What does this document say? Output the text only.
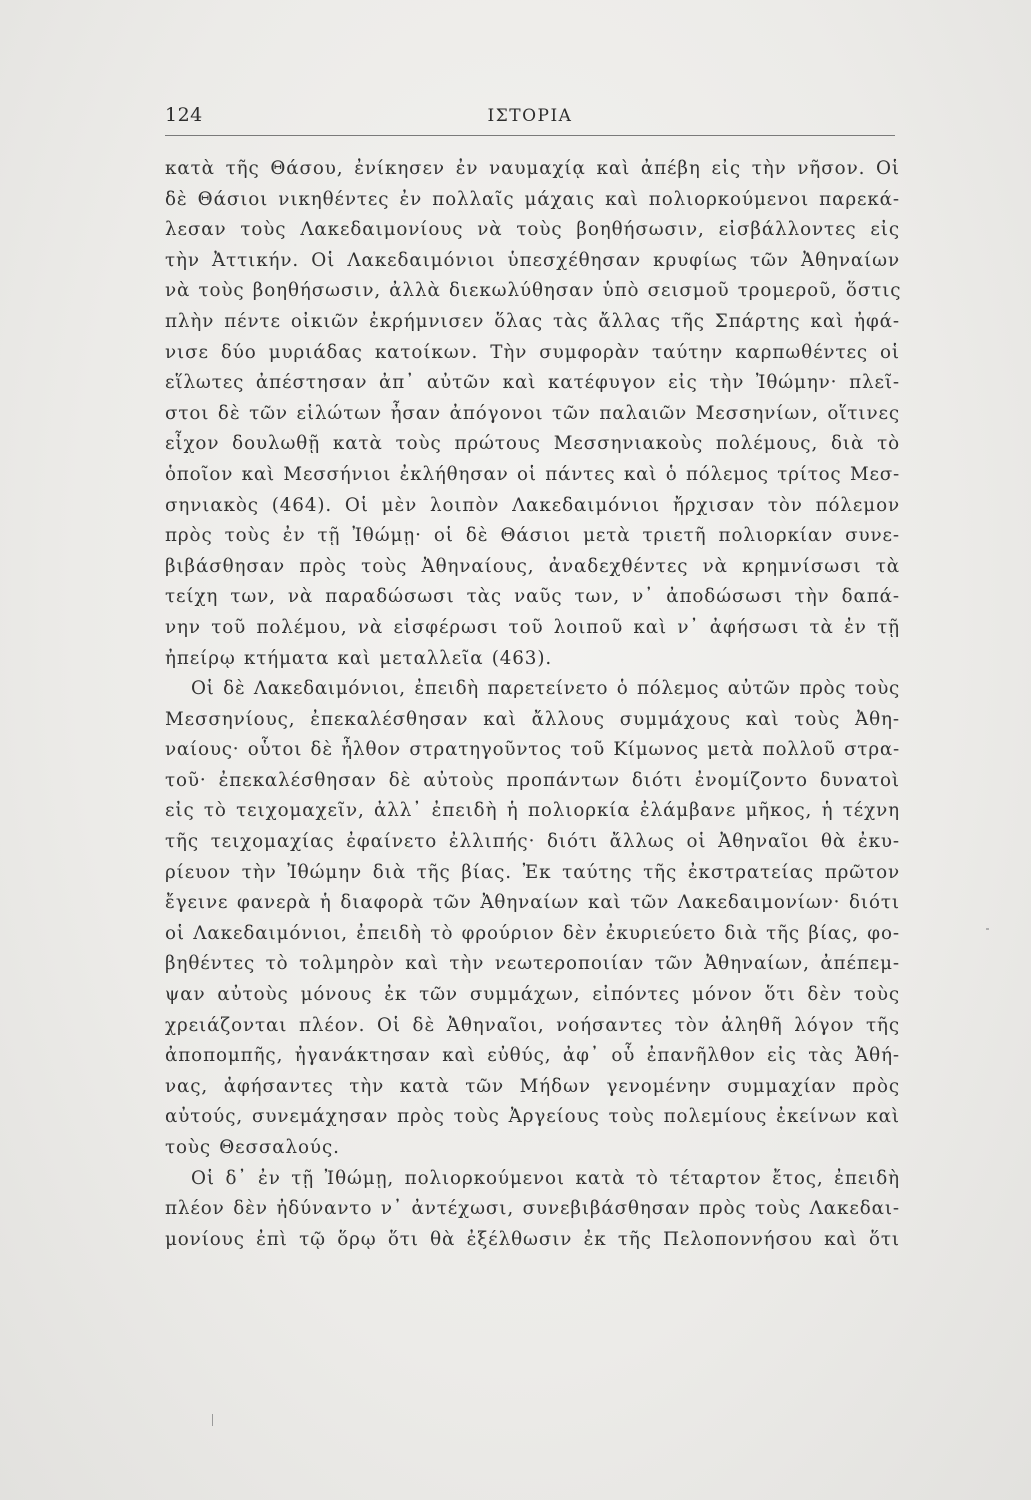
124	ΙΣΤΟΡΙΑ
κατὰ τῆς Θάσου, ἐνίκησεν ἐν ναυμαχίᾳ καὶ ἀπέβη εἰς τὴν νῆσον. Οἱ
δὲ Θάσιοι νικηθέντες ἐν πολλαῖς μάχαις καὶ πολιορκούμενοι παρεκά-
λεσαν τοὺς Λακεδαιμονίους νὰ τοὺς βοηθήσωσιν, εἰσβάλλοντες εἰς
τὴν Ἀττικήν. Οἱ Λακεδαιμόνιοι ὑπεσχέθησαν κρυφίως τῶν Ἀθηναίων
νὰ τοὺς βοηθήσωσιν, ἀλλὰ διεκωλύθησαν ὑπὸ σεισμοῦ τρομεροῦ, ὅστις
πλὴν πέντε οἰκιῶν ἐκρήμνισεν ὅλας τὰς ἄλλας τῆς Σπάρτης καὶ ἠφά-
νισε δύο μυριάδας κατοίκων. Τὴν συμφορὰν ταύτην καρπωθέντες οἱ
εἵλωτες ἀπέστησαν ἀπ᾽ αὐτῶν καὶ κατέφυγον εἰς τὴν Ἰθώμην· πλεῖ-
στοι δὲ τῶν εἱλώτων ἦσαν ἀπόγονοι τῶν παλαιῶν Μεσσηνίων, οἵτινες
εἶχον δουλωθῇ κατὰ τοὺς πρώτους Μεσσηνιακοὺς πολέμους, διὰ τὸ
ὁποῖον καὶ Μεσσήνιοι ἐκλήθησαν οἱ πάντες καὶ ὁ πόλεμος τρίτος Μεσ-
σηνιακὸς (464). Οἱ μὲν λοιπὸν Λακεδαιμόνιοι ἤρχισαν τὸν πόλεμον
πρὸς τοὺς ἐν τῇ Ἰθώμῃ· οἱ δὲ Θάσιοι μετὰ τριετῆ πολιορκίαν συνε-
βιβάσθησαν πρὸς τοὺς Ἀθηναίους, ἀναδεχθέντες νὰ κρημνίσωσι τὰ
τείχη των, νὰ παραδώσωσι τὰς ναῦς των, ν᾽ ἀποδώσωσι τὴν δαπά-
νην τοῦ πολέμου, νὰ εἰσφέρωσι τοῦ λοιποῦ καὶ ν᾽ ἀφήσωσι τὰ ἐν τῇ
ἠπείρῳ κτήματα καὶ μεταλλεῖα (463).
Οἱ δὲ Λακεδαιμόνιοι, ἐπειδὴ παρετείνετο ὁ πόλεμος αὐτῶν πρὸς τοὺς
Μεσσηνίους, ἐπεκαλέσθησαν καὶ ἄλλους συμμάχους καὶ τοὺς Ἀθη-
ναίους· οὗτοι δὲ ἦλθον στρατηγοῦντος τοῦ Κίμωνος μετὰ πολλοῦ στρα-
τοῦ· ἐπεκαλέσθησαν δὲ αὐτοὺς προπάντων διότι ἐνομίζοντο δυνατοὶ
εἰς τὸ τειχομαχεῖν, ἀλλ᾽ ἐπειδὴ ἡ πολιορκία ἐλάμβανε μῆκος, ἡ τέχνη
τῆς τειχομαχίας ἐφαίνετο ἐλλιπής· διότι ἄλλως οἱ Ἀθηναῖοι θὰ ἐκυ-
ρίευον τὴν Ἰθώμην διὰ τῆς βίας. Ἐκ ταύτης τῆς ἐκστρατείας πρῶτον
ἔγεινε φανερὰ ἡ διαφορὰ τῶν Ἀθηναίων καὶ τῶν Λακεδαιμονίων· διότι
οἱ Λακεδαιμόνιοι, ἐπειδὴ τὸ φρούριον δὲν ἐκυριεύετο διὰ τῆς βίας, φο-
βηθέντες τὸ τολμηρὸν καὶ τὴν νεωτεροποιίαν τῶν Ἀθηναίων, ἀπέπεμ-
ψαν αὐτοὺς μόνους ἐκ τῶν συμμάχων, εἰπόντες μόνον ὅτι δὲν τοὺς
χρειάζονται πλέον. Οἱ δὲ Ἀθηναῖοι, νοήσαντες τὸν ἀληθῆ λόγον τῆς
ἀποπομπῆς, ἠγανάκτησαν καὶ εὐθύς, ἀφ᾽ οὗ ἐπανῆλθον εἰς τὰς Ἀθή-
νας, ἀφήσαντες τὴν κατὰ τῶν Μήδων γενομένην συμμαχίαν πρὸς
αὐτούς, συνεμάχησαν πρὸς τοὺς Ἀργείους τοὺς πολεμίους ἐκείνων καὶ
τοὺς Θεσσαλούς.
Οἱ δ᾽ ἐν τῇ Ἰθώμῃ, πολιορκούμενοι κατὰ τὸ τέταρτον ἔτος, ἐπειδὴ
πλέον δὲν ἠδύναντο ν᾽ ἀντέχωσι, συνεβιβάσθησαν πρὸς τοὺς Λακεδαι-
μονίους ἐπὶ τῷ ὅρῳ ὅτι θὰ ἐξέλθωσιν ἐκ τῆς Πελοποννήσου καὶ ὅτι
